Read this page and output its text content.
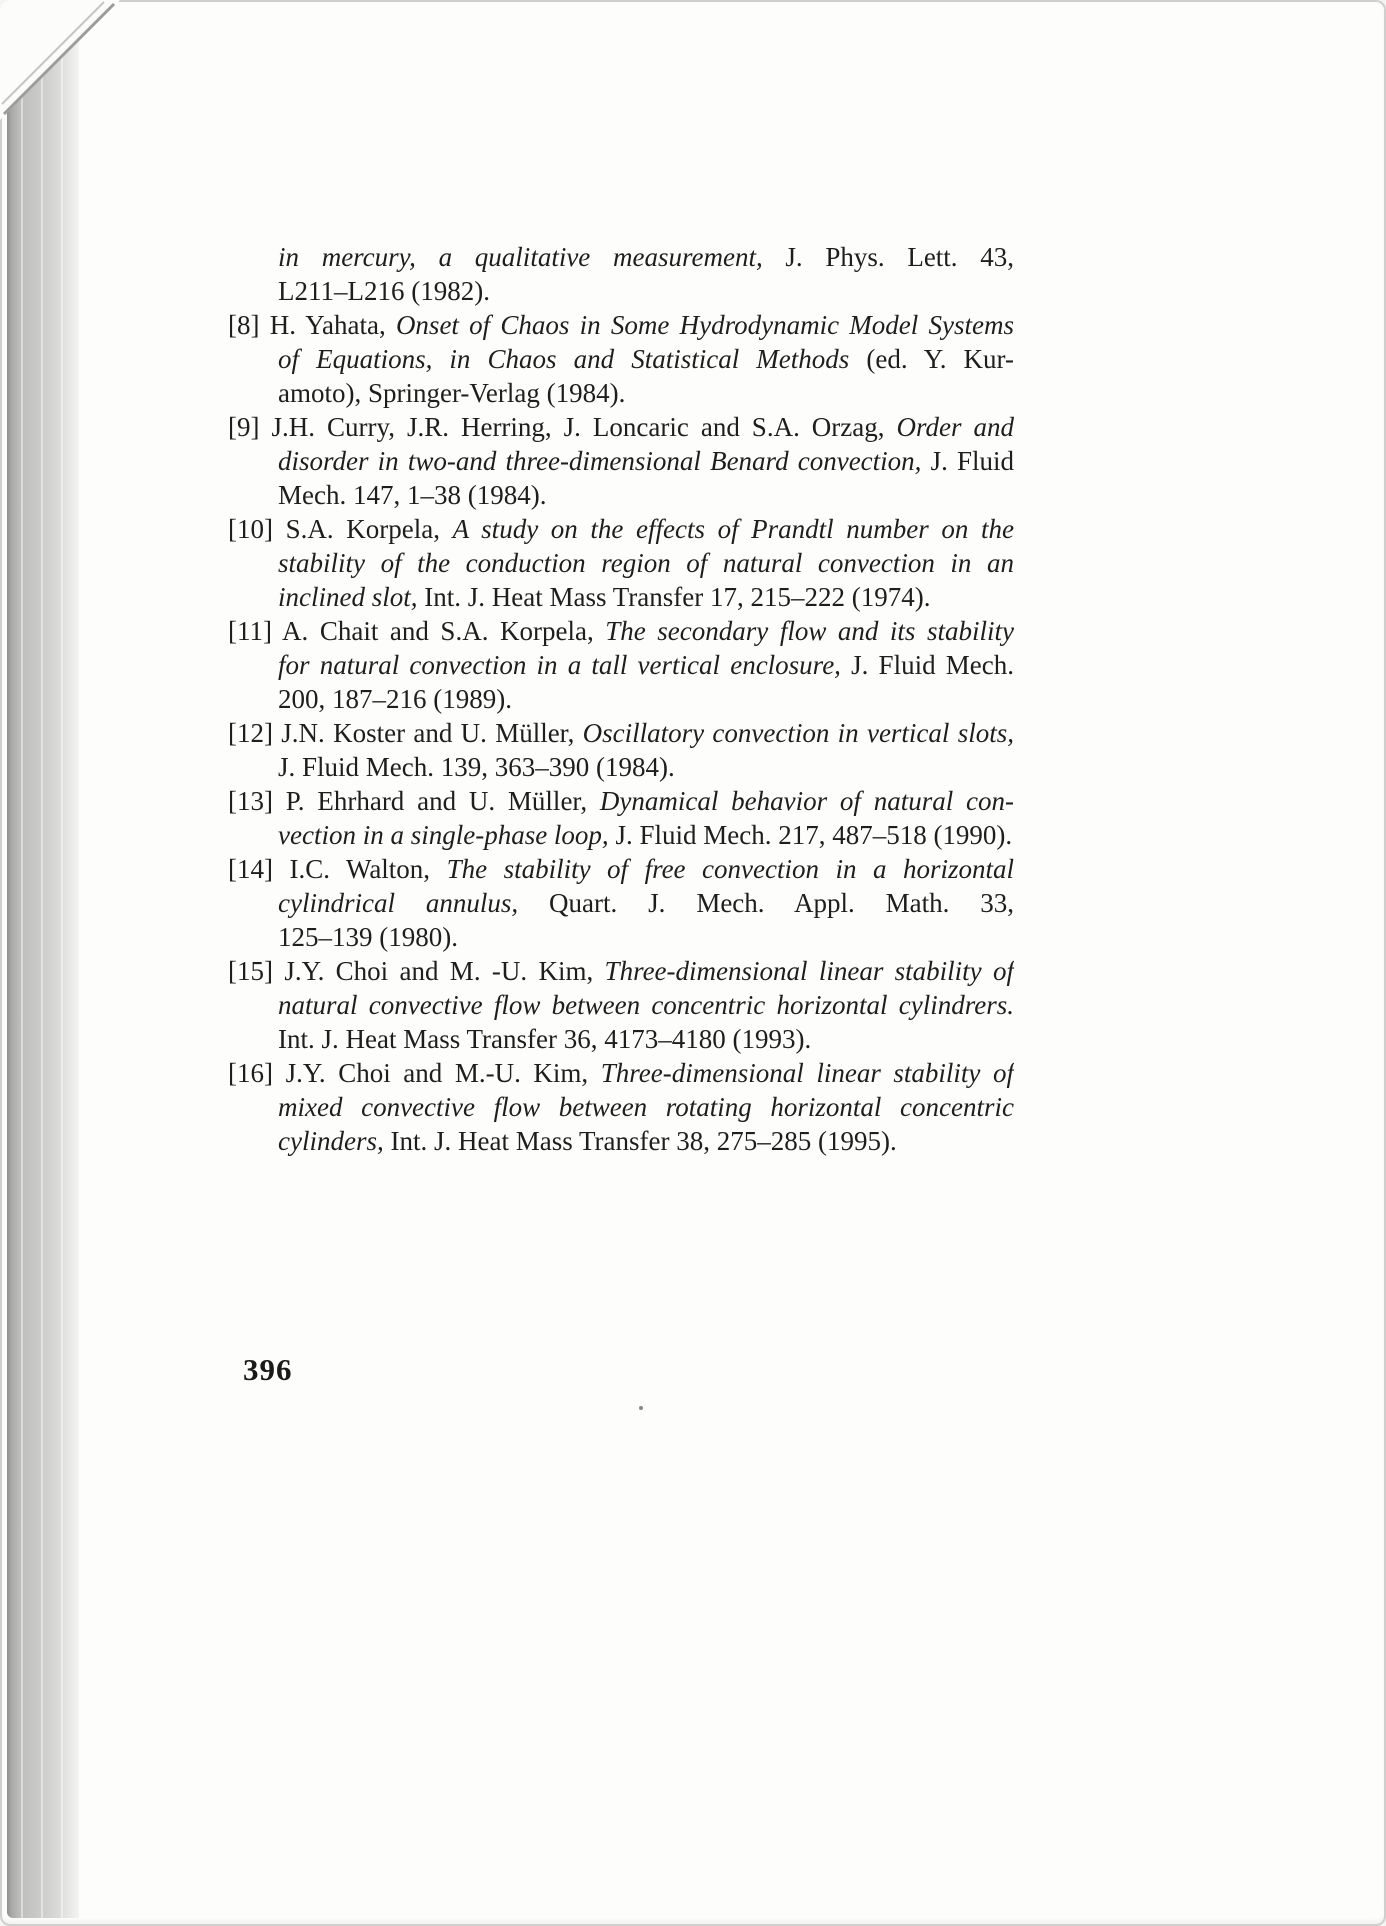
in mercury, a qualitative measurement, J. Phys. Lett. 43,
L211–L216 (1982).
[8] H. Yahata, Onset of Chaos in Some Hydrodynamic Model Systems
of Equations, in Chaos and Statistical Methods (ed. Y. Kur-
amoto), Springer-Verlag (1984).
[9] J.H. Curry, J.R. Herring, J. Loncaric and S.A. Orzag, Order and
disorder in two-and three-dimensional Benard convection, J. Fluid
Mech. 147, 1–38 (1984).
[10] S.A. Korpela, A study on the effects of Prandtl number on the
stability of the conduction region of natural convection in an
inclined slot, Int. J. Heat Mass Transfer 17, 215–222 (1974).
[11] A. Chait and S.A. Korpela, The secondary flow and its stability
for natural convection in a tall vertical enclosure, J. Fluid Mech.
200, 187–216 (1989).
[12] J.N. Koster and U. Müller, Oscillatory convection in vertical slots,
J. Fluid Mech. 139, 363–390 (1984).
[13] P. Ehrhard and U. Müller, Dynamical behavior of natural con-
vection in a single-phase loop, J. Fluid Mech. 217, 487–518 (1990).
[14] I.C. Walton, The stability of free convection in a horizontal
cylindrical annulus, Quart. J. Mech. Appl. Math. 33,
125–139 (1980).
[15] J.Y. Choi and M. -U. Kim, Three-dimensional linear stability of
natural convective flow between concentric horizontal cylindrers.
Int. J. Heat Mass Transfer 36, 4173–4180 (1993).
[16] J.Y. Choi and M.-U. Kim, Three-dimensional linear stability of
mixed convective flow between rotating horizontal concentric
cylinders, Int. J. Heat Mass Transfer 38, 275–285 (1995).
396
